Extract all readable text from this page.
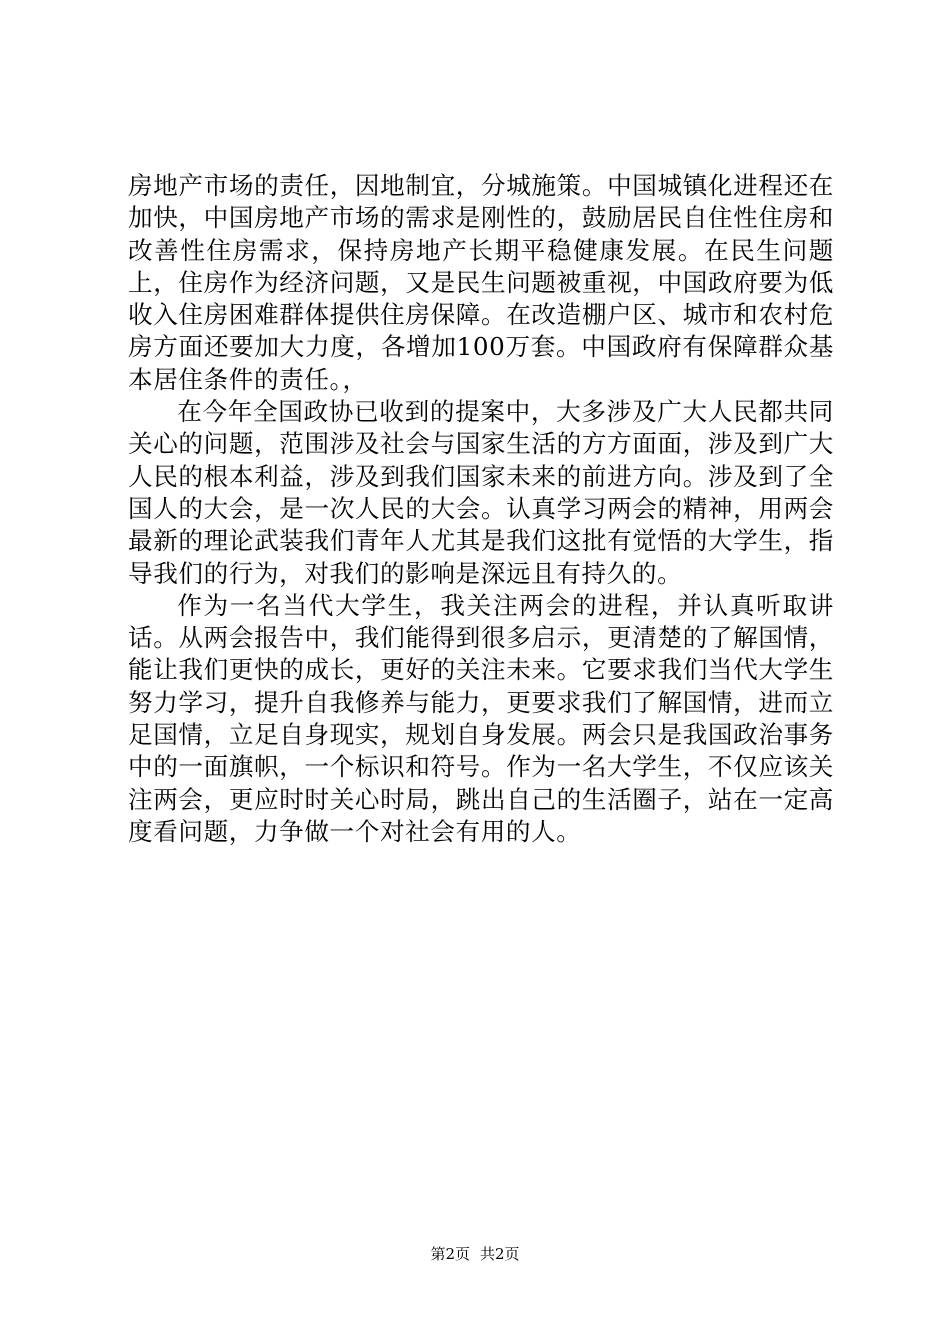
房地产市场的责任，因地制宜，分城施策。中国城镇化进程还在加快，中国房地产市场的需求是刚性的，鼓励居民自住性住房和改善性住房需求，保持房地产长期平稳健康发展。在民生问题上，住房作为经济问题，又是民生问题被重视，中国政府要为低收入住房困难群体提供住房保障。在改造棚户区、城市和农村危房方面还要加大力度，各增加100万套。中国政府有保障群众基本居住条件的责任。，

在今年全国政协已收到的提案中，大多涉及广大人民都共同关心的问题，范围涉及社会与国家生活的方方面面，涉及到广大人民的根本利益，涉及到我们国家未来的前进方向。涉及到了全国人的大会，是一次人民的大会。认真学习两会的精神，用两会最新的理论武装我们青年人尤其是我们这批有觉悟的大学生，指导我们的行为，对我们的影响是深远且有持久的。

作为一名当代大学生，我关注两会的进程，并认真听取讲话。从两会报告中，我们能得到很多启示，更清楚的了解国情，能让我们更快的成长，更好的关注未来。它要求我们当代大学生努力学习，提升自我修养与能力，更要求我们了解国情，进而立足国情，立足自身现实，规划自身发展。两会只是我国政治事务中的一面旗帜，一个标识和符号。作为一名大学生，不仅应该关注两会，更应时时关心时局，跳出自己的生活圈子，站在一定高度看问题，力争做一个对社会有用的人。

第2页 共2页
